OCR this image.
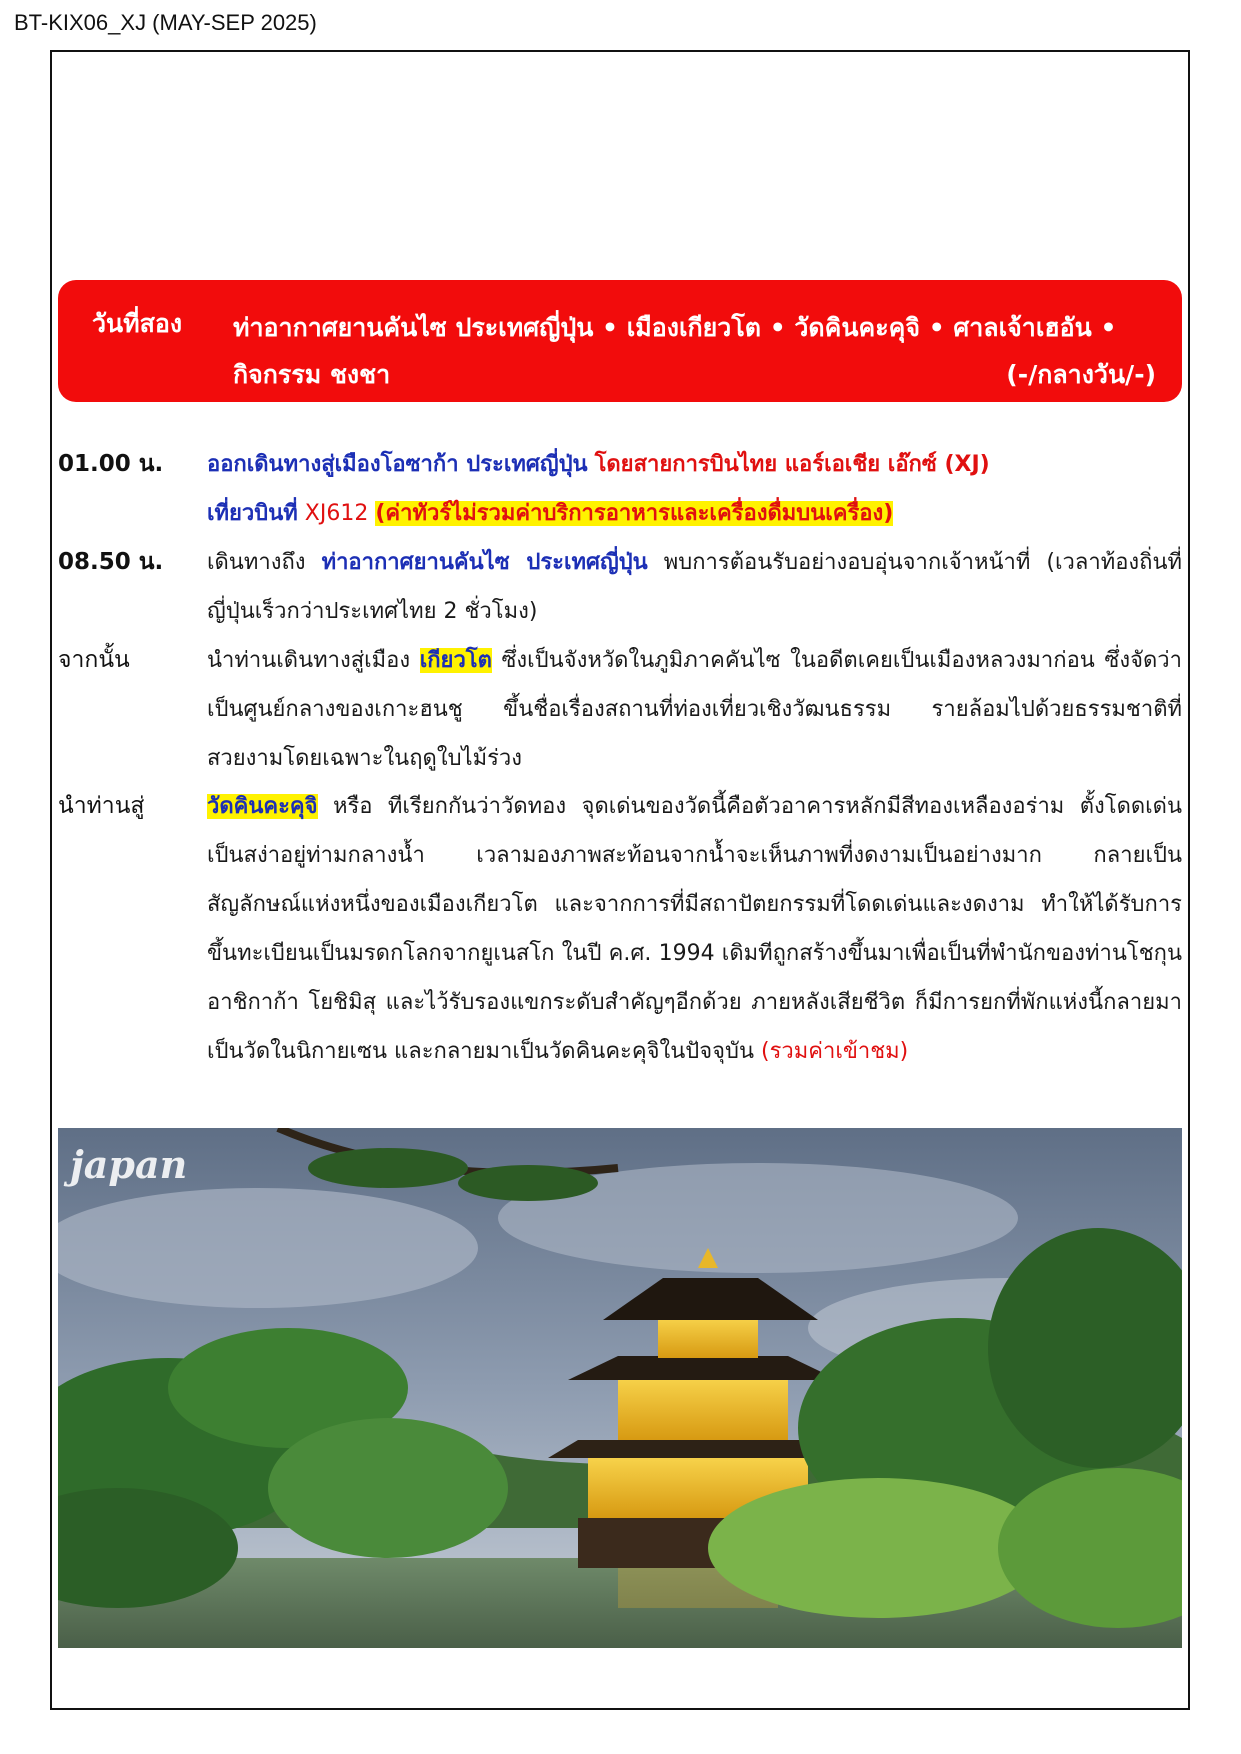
BT-KIX06_XJ (MAY-SEP 2025)
วันที่สอง ท่าอากาศยานคันไซ ประเทศญี่ปุ่น • เมืองเกียวโต • วัดคินคะคุจิ • ศาลเจ้าเฮอัน • กิจกรรม ชงชา	(-/กลางวัน/-)
01.00 น. ออกเดินทางสู่เมืองโอซาก้า ประเทศญี่ปุ่น โดยสายการบินไทย แอร์เอเชีย เอ๊กซ์ (XJ)
เที่ยวบินที่ XJ612 (ค่าทัวร์ไม่รวมค่าบริการอาหารและเครื่องดื่มบนเครื่อง)
08.50 น. เดินทางถึง ท่าอากาศยานคันไซ ประเทศญี่ปุ่น พบการต้อนรับอย่างอบอุ่นจากเจ้าหน้าที่ (เวลาท้องถิ่นที่ญี่ปุ่นเร็วกว่าประเทศไทย 2 ชั่วโมง)
จากนั้น	นำท่านเดินทางสู่เมือง เกียวโต ซึ่งเป็นจังหวัดในภูมิภาคคันไซ ในอดีตเคยเป็นเมืองหลวงมาก่อน ซึ่งจัดว่าเป็นศูนย์กลางของเกาะฮนชู ขึ้นชื่อเรื่องสถานที่ท่องเที่ยวเชิงวัฒนธรรม รายล้อมไปด้วยธรรมชาติที่สวยงามโดยเฉพาะในฤดูใบไม้ร่วง
นำท่านสู่	วัดคินคะคุจิ หรือ ทีเรียกกันว่าวัดทอง จุดเด่นของวัดนี้คือตัวอาคารหลักมีสีทองเหลืองอร่าม ตั้งโดดเด่นเป็นสง่าอยู่ท่ามกลางน้ำ เวลามองภาพสะท้อนจากน้ำจะเห็นภาพที่งดงามเป็นอย่างมาก กลายเป็นสัญลักษณ์แห่งหนึ่งของเมืองเกียวโต และจากการที่มีสถาปัตยกรรมที่โดดเด่นและงดงาม ทำให้ได้รับการขึ้นทะเบียนเป็นมรดกโลกจากยูเนสโก ในปี ค.ศ. 1994 เดิมทีถูกสร้างขึ้นมาเพื่อเป็นที่พำนักของท่านโชกุน อาชิกาก้า โยชิมิสุ และไว้รับรองแขกระดับสำคัญๆอีกด้วย ภายหลังเสียชีวิต ก็มีการยกที่พักแห่งนี้กลายมาเป็นวัดในนิกายเซน และกลายมาเป็นวัดคินคะคุจิในปัจจุบัน (รวมค่าเข้าชม)
japan
